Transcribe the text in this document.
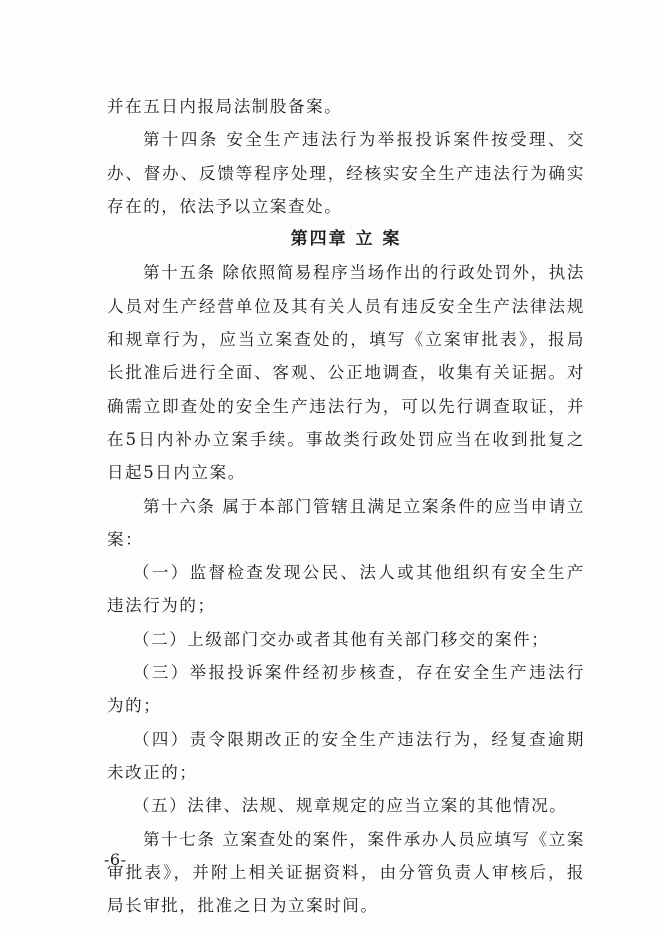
并在五日内报局法制股备案。

第十四条 安全生产违法行为举报投诉案件按受理、交办、督办、反馈等程序处理，经核实安全生产违法行为确实存在的，依法予以立案查处。

第四章 立 案

第十五条 除依照简易程序当场作出的行政处罚外，执法人员对生产经营单位及其有关人员有违反安全生产法律法规和规章行为，应当立案查处的，填写《立案审批表》，报局长批准后进行全面、客观、公正地调查，收集有关证据。对确需立即查处的安全生产违法行为，可以先行调查取证，并在5日内补办立案手续。事故类行政处罚应当在收到批复之日起5日内立案。

第十六条 属于本部门管辖且满足立案条件的应当申请立案：

（一）监督检查发现公民、法人或其他组织有安全生产违法行为的；

（二）上级部门交办或者其他有关部门移交的案件；

（三）举报投诉案件经初步核查，存在安全生产违法行为的；

（四）责令限期改正的安全生产违法行为，经复查逾期未改正的；

（五）法律、法规、规章规定的应当立案的其他情况。

第十七条 立案查处的案件，案件承办人员应填写《立案审批表》，并附上相关证据资料，由分管负责人审核后，报局长审批，批准之日为立案时间。

-6-
